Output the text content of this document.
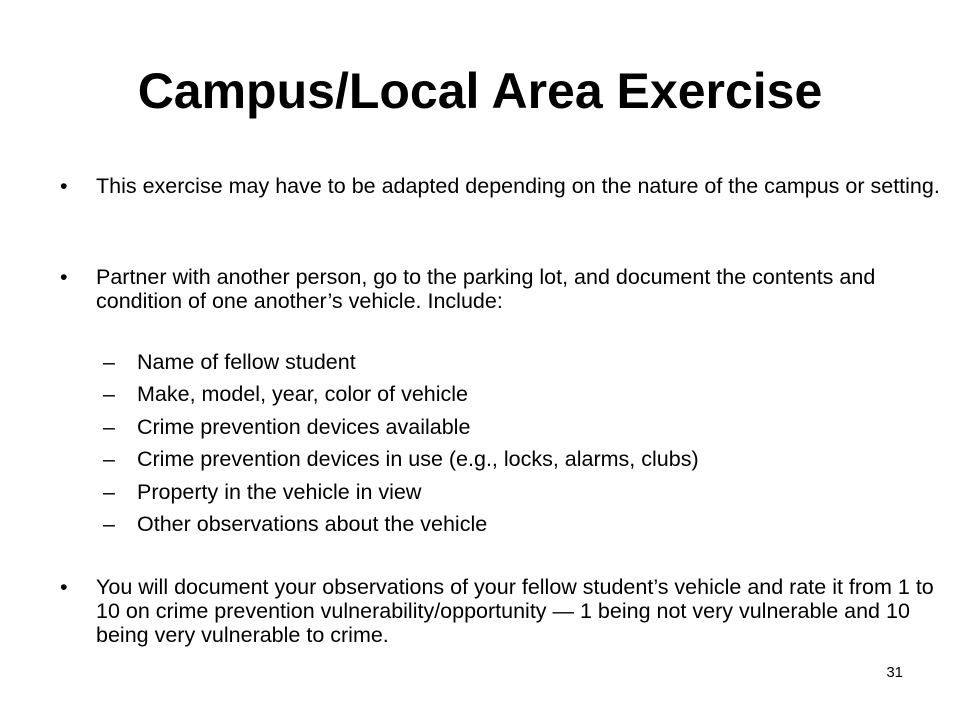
Campus/Local Area Exercise
• This exercise may have to be adapted depending on the nature of the campus or setting.
• Partner with another person, go to the parking lot, and document the contents and condition of one another’s vehicle. Include:
– Name of fellow student
– Make, model, year, color of vehicle
– Crime prevention devices available
– Crime prevention devices in use (e.g., locks, alarms, clubs)
– Property in the vehicle in view
– Other observations about the vehicle
• You will document your observations of your fellow student’s vehicle and rate it from 1 to 10 on crime prevention vulnerability/opportunity — 1 being not very vulnerable and 10 being very vulnerable to crime.
31
